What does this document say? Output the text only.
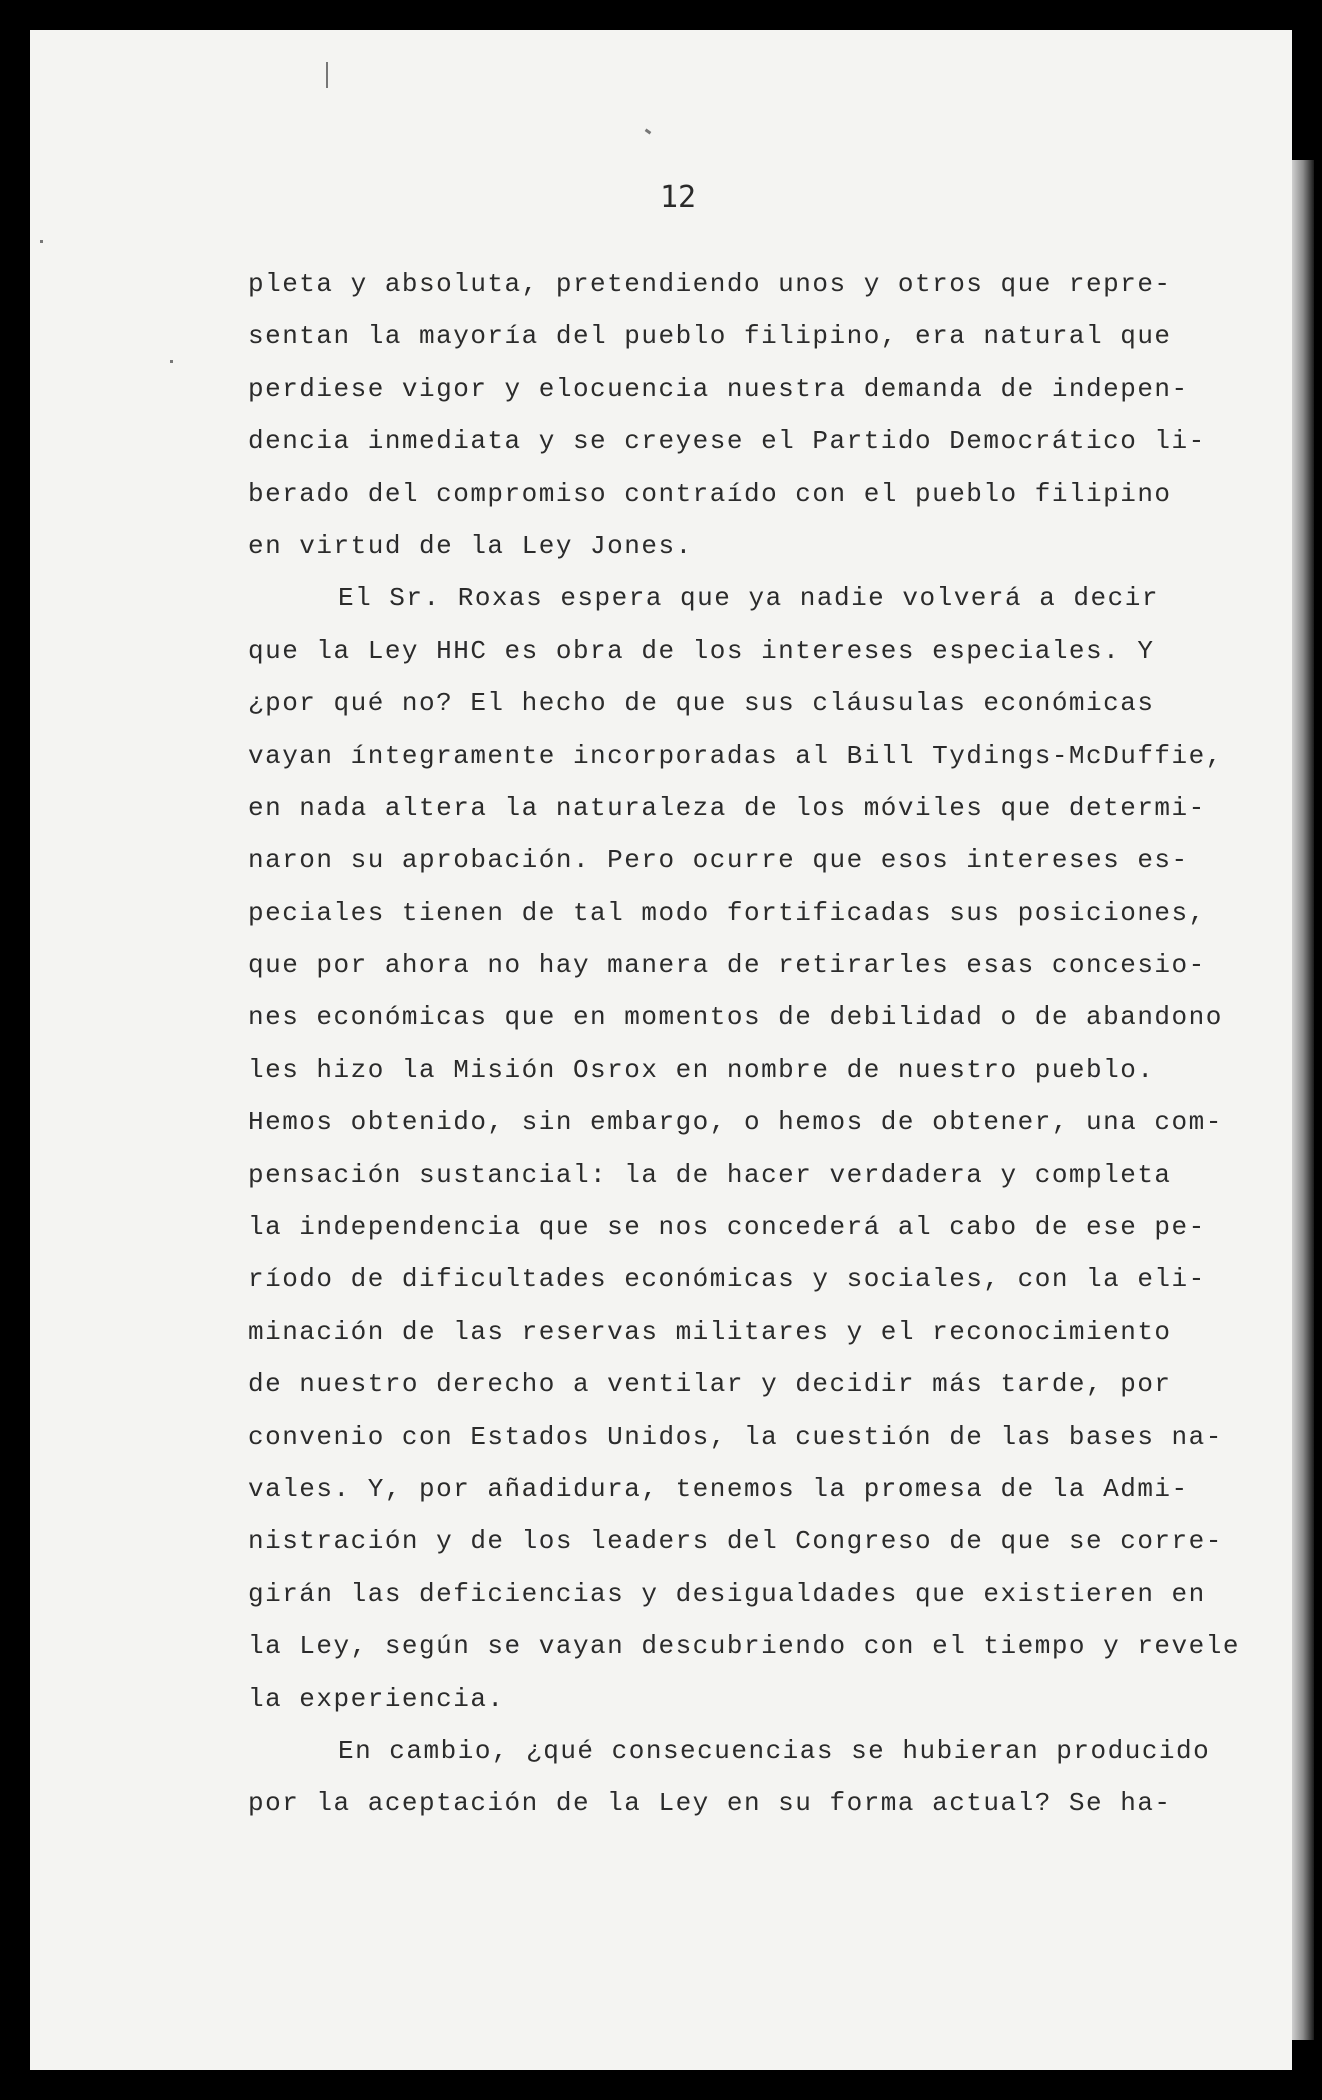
12
pleta y absoluta, pretendiendo unos y otros que repre-
sentan la mayoría del pueblo filipino, era natural que
perdiese vigor y elocuencia nuestra demanda de indepen-
dencia inmediata y se creyese el Partido Democrático li-
berado del compromiso contraído con el pueblo filipino
en virtud de la Ley Jones.
El Sr. Roxas espera que ya nadie volverá a decir
que la Ley HHC es obra de los intereses especiales. Y
¿por qué no? El hecho de que sus cláusulas económicas
vayan íntegramente incorporadas al Bill Tydings-McDuffie,
en nada altera la naturaleza de los móviles que determi-
naron su aprobación. Pero ocurre que esos intereses es-
peciales tienen de tal modo fortificadas sus posiciones,
que por ahora no hay manera de retirarles esas concesio-
nes económicas que en momentos de debilidad o de abandono
les hizo la Misión Osrox en nombre de nuestro pueblo.
Hemos obtenido, sin embargo, o hemos de obtener, una com-
pensación sustancial: la de hacer verdadera y completa
la independencia que se nos concederá al cabo de ese pe-
ríodo de dificultades económicas y sociales, con la eli-
minación de las reservas militares y el reconocimiento
de nuestro derecho a ventilar y decidir más tarde, por
convenio con Estados Unidos, la cuestión de las bases na-
vales. Y, por añadidura, tenemos la promesa de la Admi-
nistración y de los leaders del Congreso de que se corre-
girán las deficiencias y desigualdades que existieren en
la Ley, según se vayan descubriendo con el tiempo y revele
la experiencia.
En cambio, ¿qué consecuencias se hubieran producido
por la aceptación de la Ley en su forma actual? Se ha-
